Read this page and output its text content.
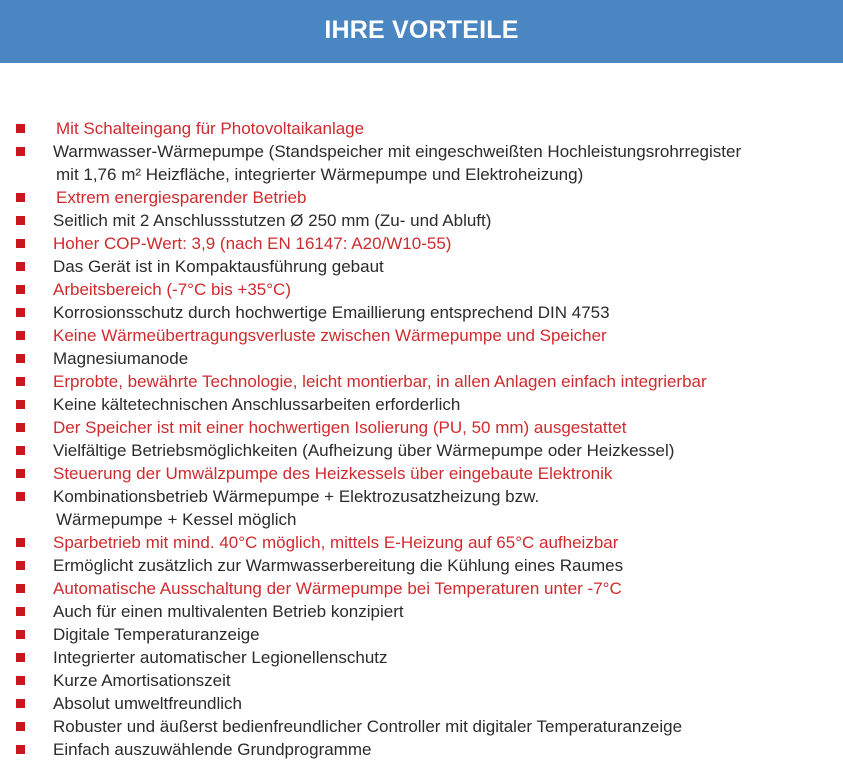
IHRE VORTEILE
Mit Schalteingang für Photovoltaikanlage
Warmwasser-Wärmepumpe (Standspeicher mit eingeschweißten Hochleistungsrohrregister
mit 1,76 m² Heizfläche, integrierter Wärmepumpe und Elektroheizung)
Extrem energiesparender Betrieb
Seitlich mit 2 Anschlussstutzen Ø 250 mm (Zu- und Abluft)
Hoher COP-Wert: 3,9 (nach EN 16147: A20/W10-55)
Das Gerät ist in Kompaktausführung gebaut
Arbeitsbereich (-7°C bis +35°C)
Korrosionsschutz durch hochwertige Emaillierung entsprechend DIN 4753
Keine Wärmeübertragungsverluste zwischen Wärmepumpe und Speicher
Magnesiumanode
Erprobte, bewährte Technologie, leicht montierbar, in allen Anlagen einfach integrierbar
Keine kältetechnischen Anschlussarbeiten erforderlich
Der Speicher ist mit einer hochwertigen Isolierung (PU, 50 mm) ausgestattet
Vielfältige Betriebsmöglichkeiten (Aufheizung über Wärmepumpe oder Heizkessel)
Steuerung der Umwälzpumpe des Heizkessels über eingebaute Elektronik
Kombinationsbetrieb Wärmepumpe + Elektrozusatzheizung bzw.
Wärmepumpe + Kessel möglich
Sparbetrieb mit mind. 40°C möglich, mittels E-Heizung auf 65°C aufheizbar
Ermöglicht zusätzlich zur Warmwasserbereitung die Kühlung eines Raumes
Automatische Ausschaltung der Wärmepumpe bei Temperaturen unter -7°C
Auch für einen multivalenten Betrieb konzipiert
Digitale Temperaturanzeige
Integrierter automatischer Legionellenschutz
Kurze Amortisationszeit
Absolut umweltfreundlich
Robuster und äußerst bedienfreundlicher Controller mit digitaler Temperaturanzeige
Einfach auszuwählende Grundprogramme
